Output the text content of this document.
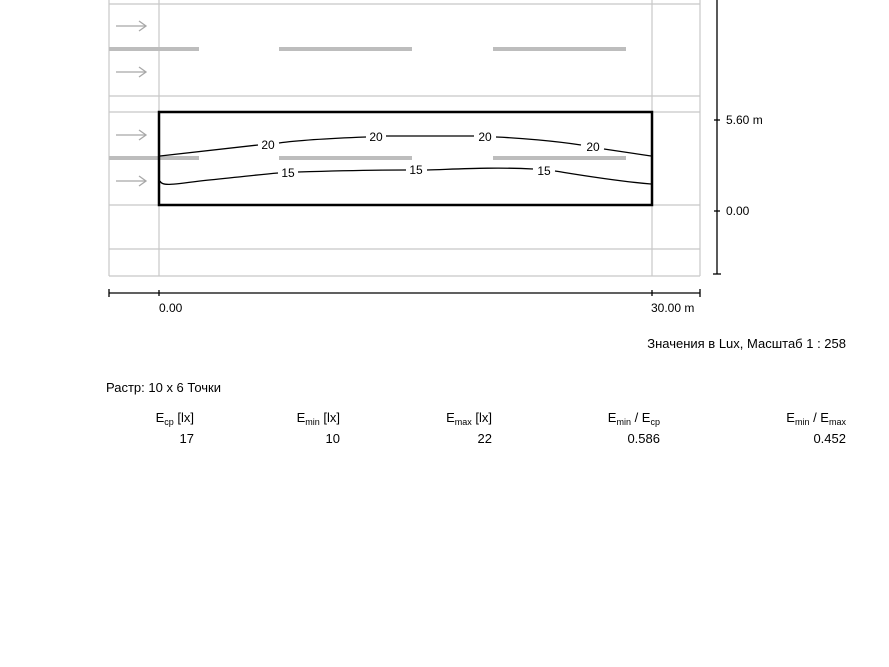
20
20	20
20
15	15	15
5.60 m
0.00
0.00	30.00 m
Значения в Lux, Масштаб 1 : 258
Растр: 10 x 6 Точки
$E_{ср}$ [lx]	$E_{min}$ [lx]	$E_{max}$ [lx]	$E_{min} / E_{ср}$	$E_{min} / E_{max}$
17	10	22	0.586	0.452
